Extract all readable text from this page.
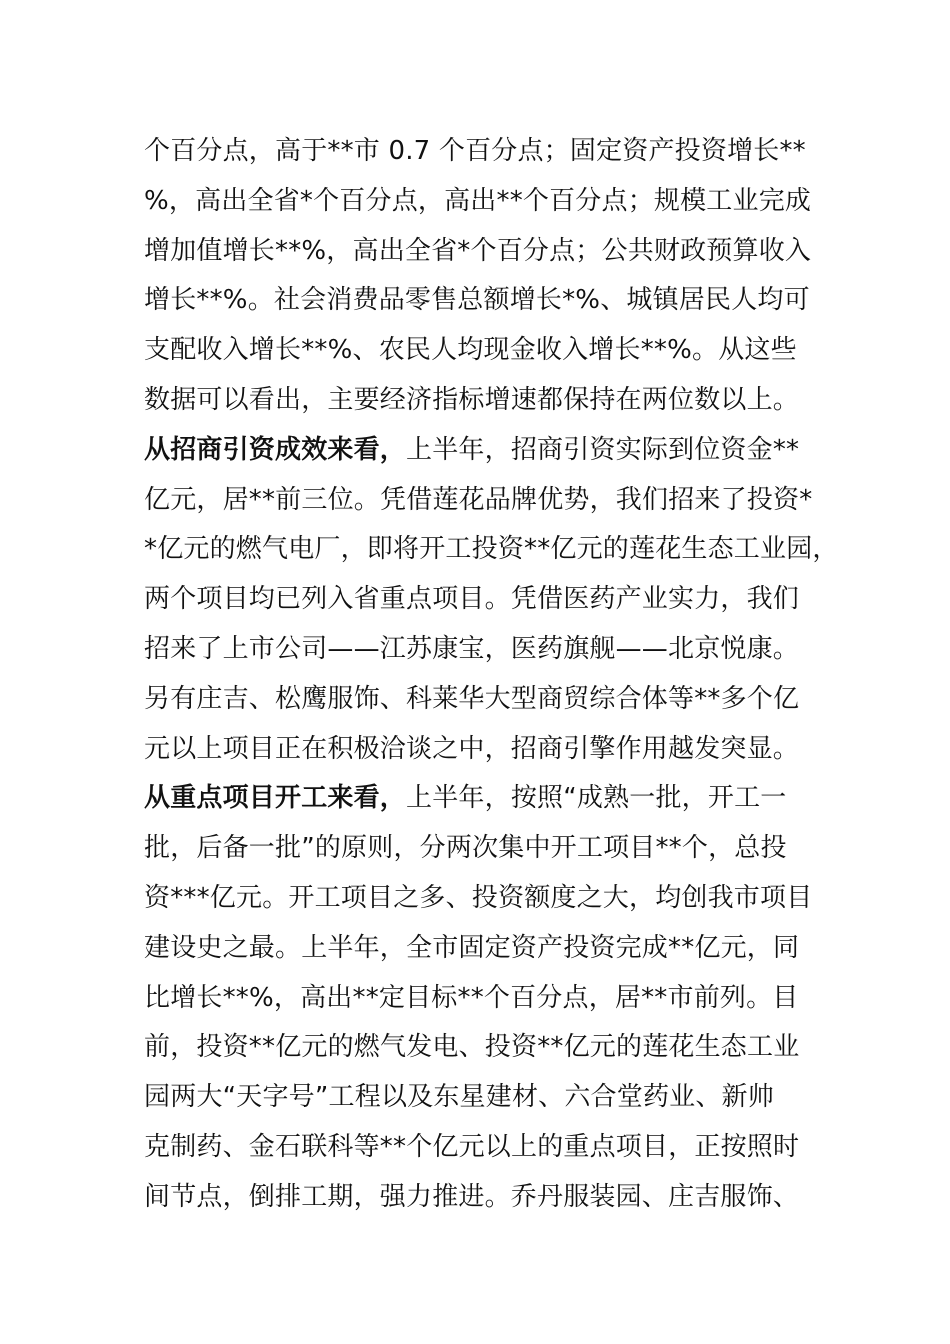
个百分点，高于**市 0.7 个百分点；固定资产投资增长**
%，高出全省*个百分点，高出**个百分点；规模工业完成
增加值增长**%，高出全省*个百分点；公共财政预算收入
增长**%。社会消费品零售总额增长*%、城镇居民人均可
支配收入增长**%、农民人均现金收入增长**%。从这些
数据可以看出，主要经济指标增速都保持在两位数以上。
从招商引资成效来看，上半年，招商引资实际到位资金**
亿元，居**前三位。凭借莲花品牌优势，我们招来了投资*
*亿元的燃气电厂，即将开工投资**亿元的莲花生态工业园，
两个项目均已列入省重点项目。凭借医药产业实力，我们
招来了上市公司——江苏康宝，医药旗舰——北京悦康。
另有庄吉、松鹰服饰、科莱华大型商贸综合体等**多个亿
元以上项目正在积极洽谈之中，招商引擎作用越发突显。
从重点项目开工来看，上半年，按照“成熟一批，开工一
批，后备一批”的原则，分两次集中开工项目**个，总投
资***亿元。开工项目之多、投资额度之大，均创我市项目
建设史之最。上半年，全市固定资产投资完成**亿元，同
比增长**%，高出**定目标**个百分点，居**市前列。目
前，投资**亿元的燃气发电、投资**亿元的莲花生态工业
园两大“天字号”工程以及东星建材、六合堂药业、新帅
克制药、金石联科等**个亿元以上的重点项目，正按照时
间节点，倒排工期，强力推进。乔丹服装园、庄吉服饰、
